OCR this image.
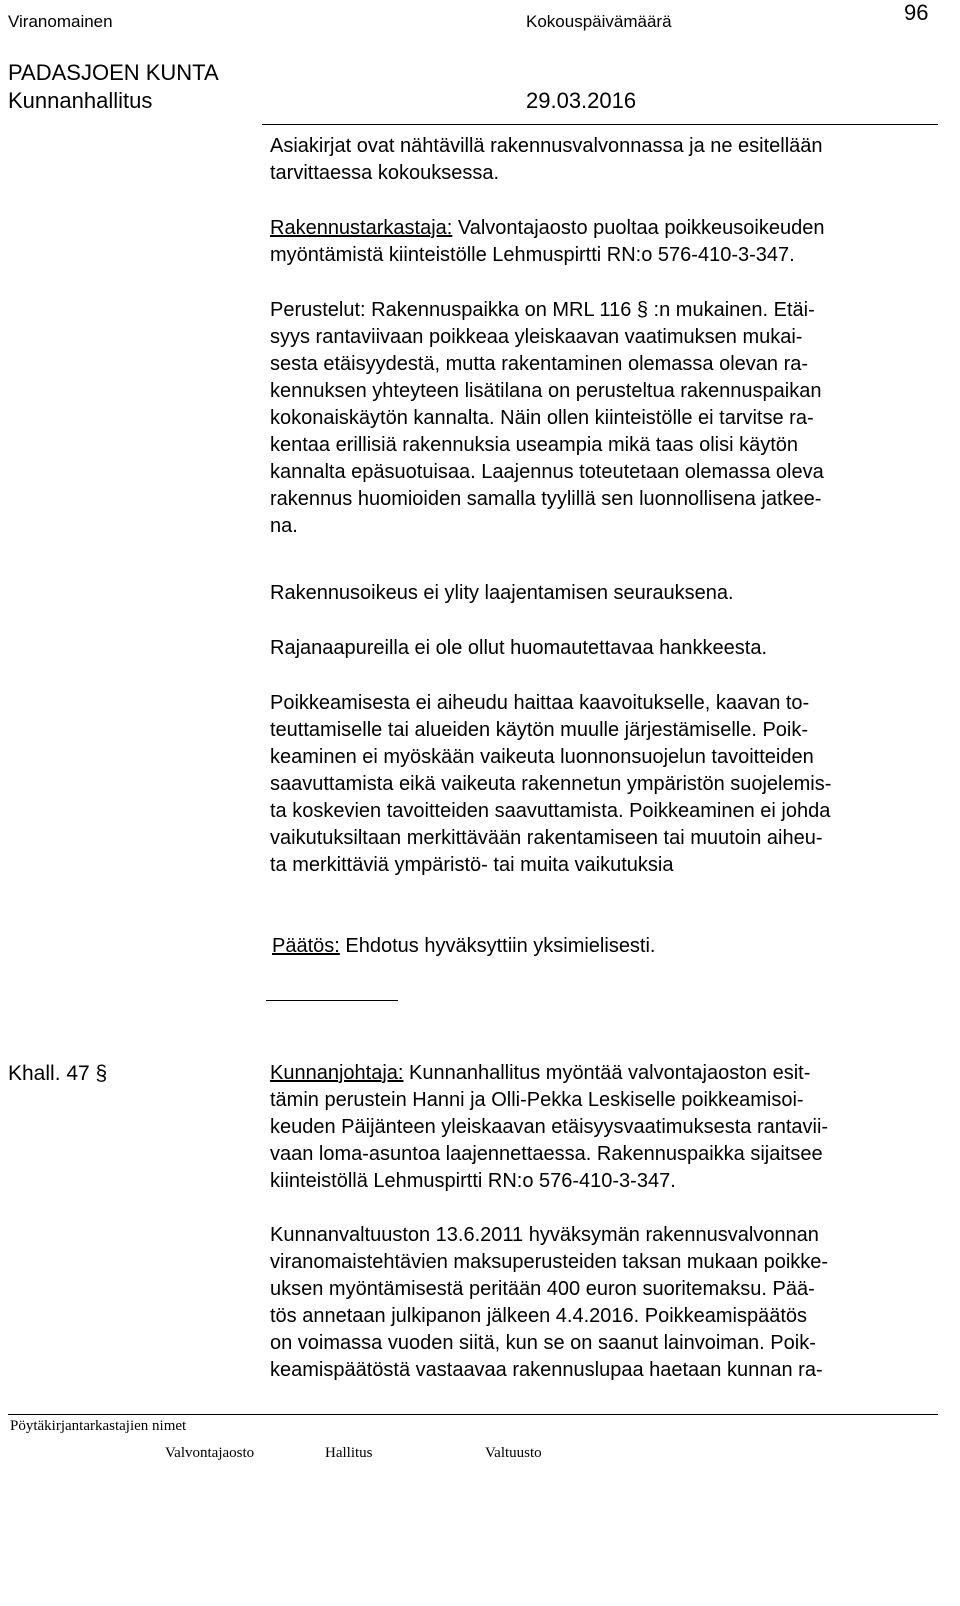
Viranomainen	Kokouspäivämäärä	96
PADASJOEN KUNTA
Kunnanhallitus	29.03.2016
Asiakirjat ovat nähtävillä rakennusvalvonnassa ja ne esitellään
tarvittaessa kokouksessa.
Rakennustarkastaja: Valvontajaosto puoltaa poikkeusoikeuden
myöntämistä kiinteistölle Lehmuspirtti RN:o 576-410-3-347.
Perustelut: Rakennuspaikka on MRL 116 § :n mukainen. Etäi-
syys rantaviivaan poikkeaa yleiskaavan vaatimuksen mukai-
sesta etäisyydestä, mutta rakentaminen olemassa olevan ra-
kennuksen yhteyteen lisätilana on perusteltua rakennuspaikan
kokonaiskäytön kannalta. Näin ollen kiinteistölle ei tarvitse ra-
kentaa erillisiä rakennuksia useampia mikä taas olisi käytön
kannalta epäsuotuisaa. Laajennus toteutetaan olemassa oleva
rakennus huomioiden samalla tyylillä sen luonnollisena jatkee-
na.
Rakennusoikeus ei ylity laajentamisen seurauksena.
Rajanaapureilla ei ole ollut huomautettavaa hankkeesta.
Poikkeamisesta ei aiheudu haittaa kaavoitukselle, kaavan to-
teuttamiselle tai alueiden käytön muulle järjestämiselle. Poik-
keaminen ei myöskään vaikeuta luonnonsuojelun tavoitteiden
saavuttamista eikä vaikeuta rakennetun ympäristön suojelemis-
ta koskevien tavoitteiden saavuttamista. Poikkeaminen ei johda
vaikutuksiltaan merkittävään rakentamiseen tai muutoin aiheu-
ta merkittäviä ympäristö- tai muita vaikutuksia
Päätös: Ehdotus hyväksyttiin yksimielisesti.
Khall. 47 §	Kunnanjohtaja: Kunnanhallitus myöntää valvontajaoston esit-
tämin perustein Hanni ja Olli-Pekka Leskiselle poikkeamisoi-
keuden Päijänteen yleiskaavan etäisyysvaatimuksesta rantavii-
vaan loma-asuntoa laajennettaessa. Rakennuspaikka sijaitsee
kiinteistöllä Lehmuspirtti RN:o 576-410-3-347.
Kunnanvaltuuston 13.6.2011 hyväksymän rakennusvalvonnan
viranomaistehtävien maksuperusteiden taksan mukaan poikke-
uksen myöntämisestä peritään 400 euron suoritemaksu. Pää-
tös annetaan julkipanon jälkeen 4.4.2016. Poikkeamispäätös
on voimassa vuoden siitä, kun se on saanut lainvoiman. Poik-
keamispäätöstä vastaavaa rakennuslupaa haetaan kunnan ra-
Pöytäkirjantarkastajien nimet
Valvontajaosto	Hallitus	Valtuusto
